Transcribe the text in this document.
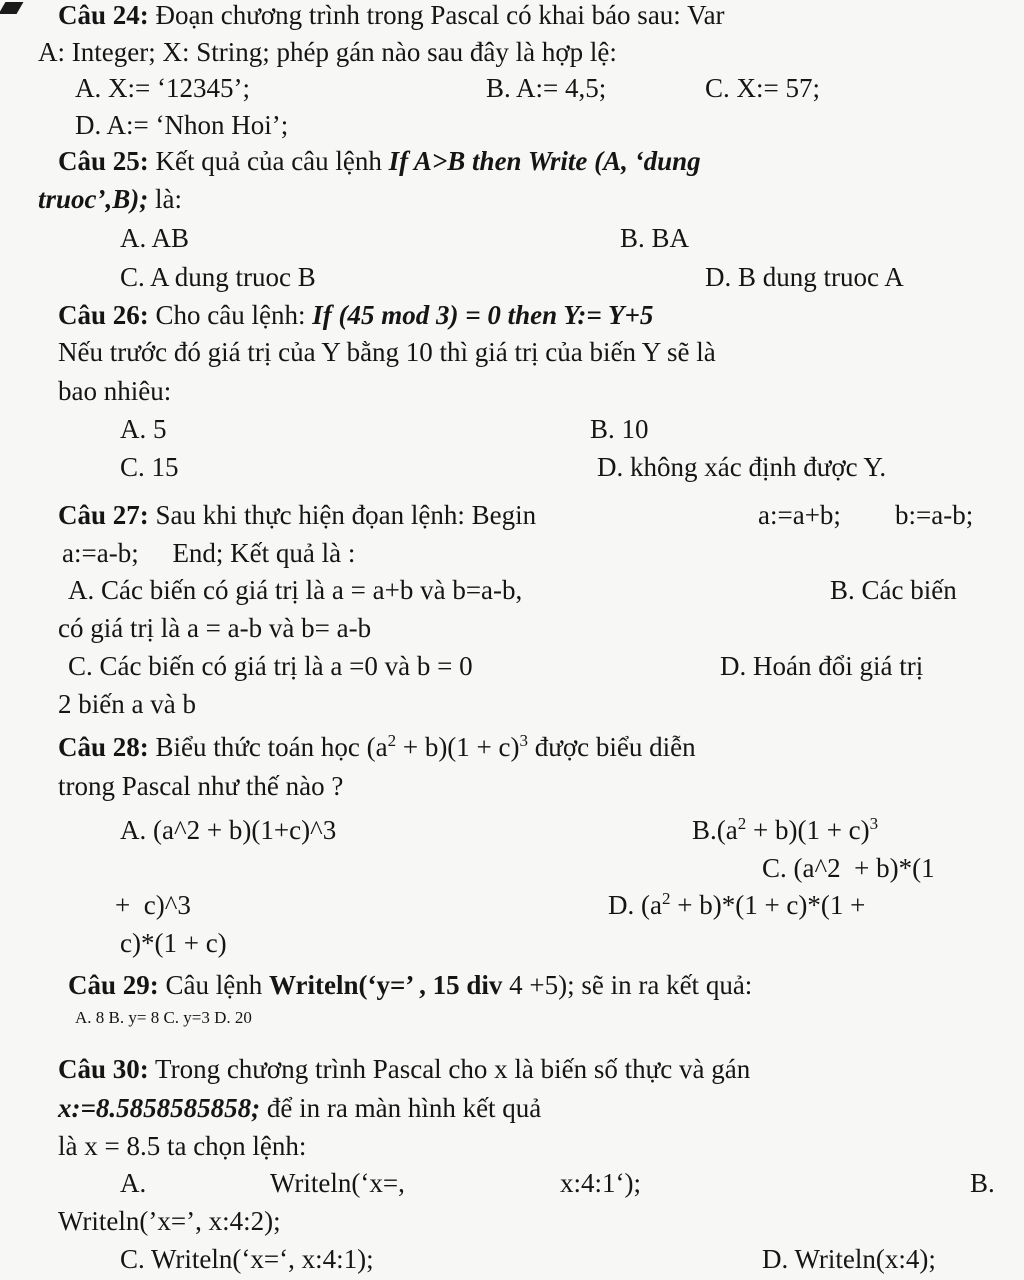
Câu 24: Đoạn chương trình trong Pascal có khai báo sau: Var
A: Integer; X: String; phép gán nào sau đây là hợp lệ:
A. X:= ‘12345’;	B. A:= 4,5;	C. X:= 57;
D. A:= ‘Nhon Hoi’;
Câu 25: Kết quả của câu lệnh If A>B then Write (A, ‘dung
truoc’,B); là:
A. AB	B. BA
C. A dung truoc B	D. B dung truoc A
Câu 26: Cho câu lệnh: If (45 mod 3) = 0 then Y:= Y+5
Nếu trước đó giá trị của Y bằng 10 thì giá trị của biến Y sẽ là
bao nhiêu:
A. 5	B. 10
C. 15	D. không xác định được Y.
Câu 27: Sau khi thực hiện đọan lệnh: Begin	a:=a+b; b:=a-b;
a:=a-b;     End; Kết quả là :
A. Các biến có giá trị là a = a+b và b=a-b,	B. Các biến
có giá trị là a = a-b và b= a-b
C. Các biến có giá trị là a =0 và b = 0	D. Hoán đổi giá trị
2 biến a và b
Câu 28: Biểu thức toán học $(a^2 + b)(1 + c)^3$ được biểu diễn
trong Pascal như thế nào ?
A. (a^2 + b)(1+c)^3	$B.(a^2 + b)(1 + c)^3$
C. (a^2  + b)*(1
+  c)^3	D. $(a^2 + b)*(1 + c)*(1$ +
c)*(1 + c)
Câu 29: Câu lệnh Writeln(‘y=’ , 15 div 4 +5); sẽ in ra kết quả:
A. 8 B. y= 8 C. y=3 D. 20
Câu 30: Trong chương trình Pascal cho x là biến số thực và gán
x:=8.5858585858; để in ra màn hình kết quả
là x = 8.5 ta chọn lệnh:
A.	Writeln(‘x=,	x:4:1‘);	B.
Writeln(’x=’, x:4:2);
C. Writeln(‘x=‘, x:4:1);	D. Writeln(x:4);
